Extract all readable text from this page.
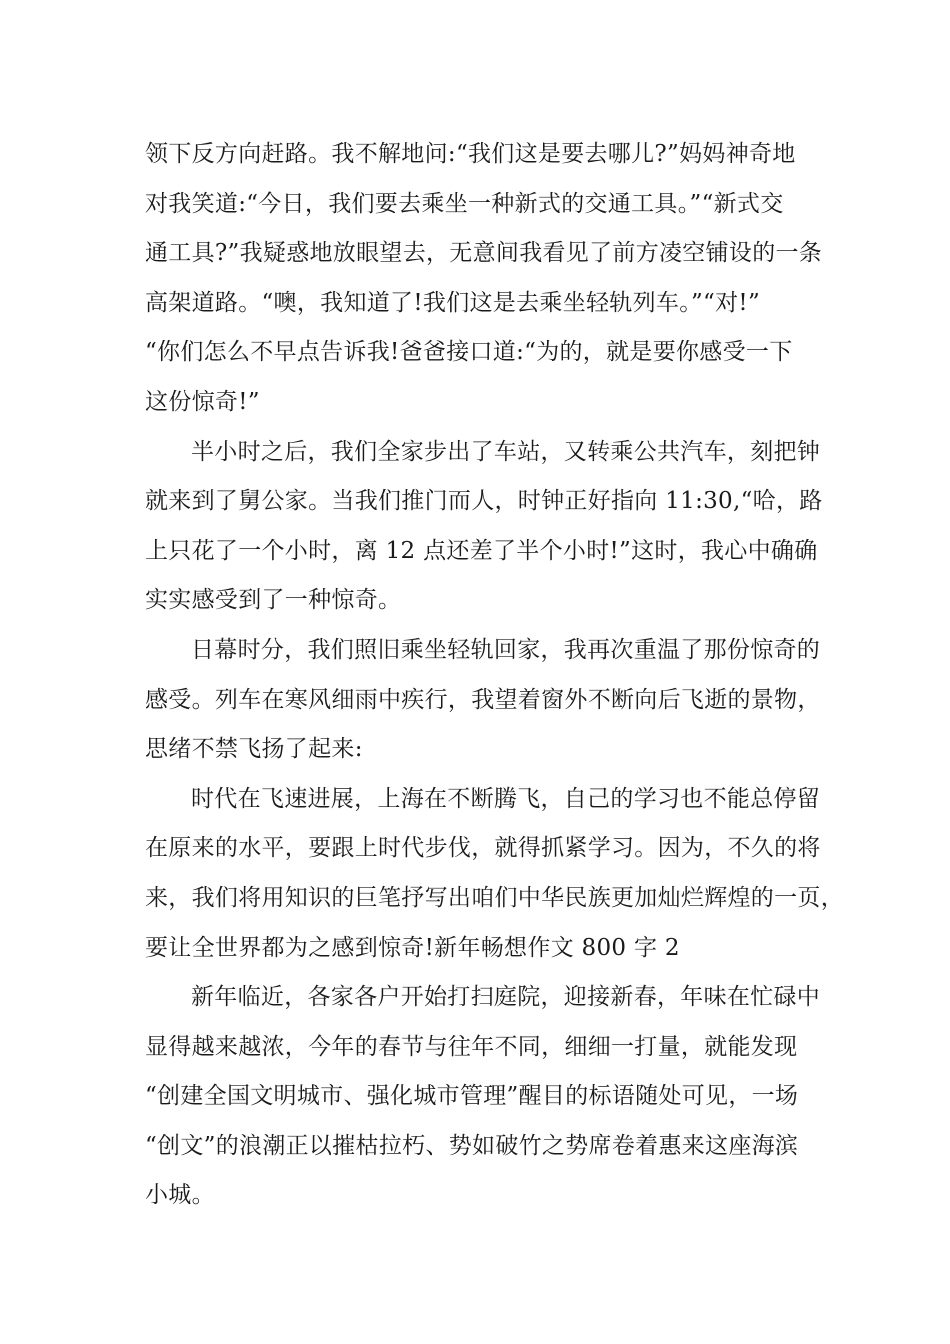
领下反方向赶路。我不解地问:“我们这是要去哪儿?”妈妈神奇地
对我笑道:“今日，我们要去乘坐一种新式的交通工具。”“新式交
通工具?”我疑惑地放眼望去，无意间我看见了前方凌空铺设的一条
高架道路。“噢，我知道了!我们这是去乘坐轻轨列车。”“对!”
“你们怎么不早点告诉我!爸爸接口道:“为的，就是要你感受一下
这份惊奇!”
半小时之后，我们全家步出了车站，又转乘公共汽车，刻把钟
就来到了舅公家。当我们推门而人，时钟正好指向 11:30,“哈，路
上只花了一个小时，离 12 点还差了半个小时!”这时，我心中确确
实实感受到了一种惊奇。
日幕时分，我们照旧乘坐轻轨回家，我再次重温了那份惊奇的
感受。列车在寒风细雨中疾行，我望着窗外不断向后飞逝的景物，
思绪不禁飞扬了起来:
时代在飞速进展，上海在不断腾飞，自己的学习也不能总停留
在原来的水平，要跟上时代步伐，就得抓紧学习。因为，不久的将
来，我们将用知识的巨笔抒写出咱们中华民族更加灿烂辉煌的一页，
要让全世界都为之感到惊奇!新年畅想作文 800 字 2
新年临近，各家各户开始打扫庭院，迎接新春，年味在忙碌中
显得越来越浓，今年的春节与往年不同，细细一打量，就能发现
“创建全国文明城市、强化城市管理”醒目的标语随处可见，一场
“创文”的浪潮正以摧枯拉朽、势如破竹之势席卷着惠来这座海滨
小城。
